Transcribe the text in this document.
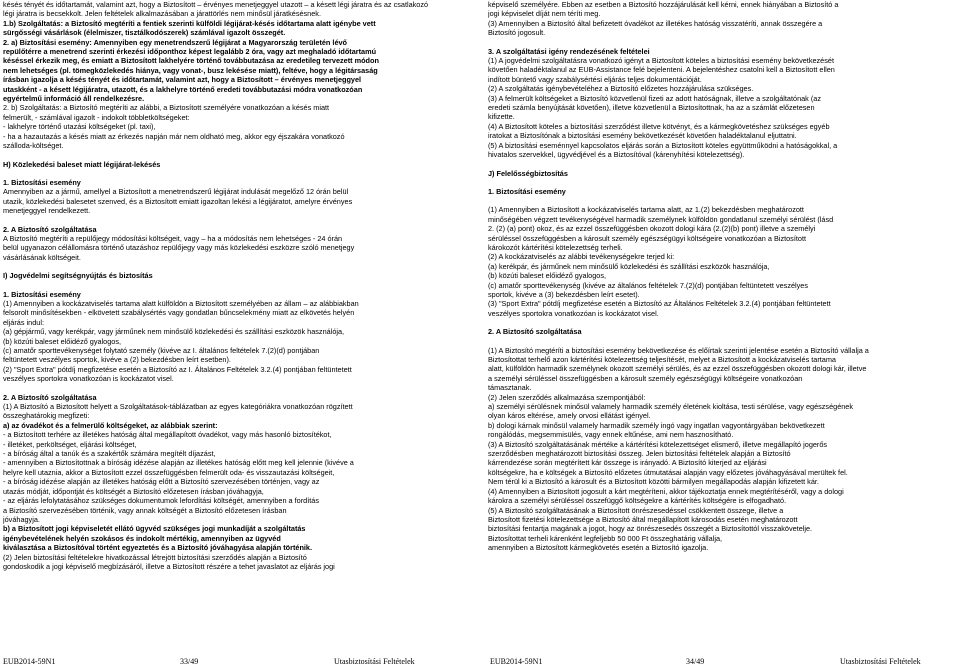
késés tényét és időtartamát, valamint azt, hogy a Biztosított – érvényes menetjeggyel utazott – a késett légi járatra és az csatlakozó

légi járatra is becsekkolt. Jelen feltételek alkalmazásában a járattörlés nem minősül járatkésésnek.

1.b) Szolgáltatás: a Biztosító megtéríti a fentiek szerinti külföldi légijárat-késés időtartama alatt igénybe vett

sürgősségi vásárlások (élelmiszer, tisztálkodószerek) számlával igazolt összegét.

2. a) Biztosítási esemény: Amennyiben egy menetrendszerű légijárat a Magyarország területén lévő

repülőtérre a menetrend szerinti érkezési időponthoz képest legalább 2 óra, vagy azt meghaladó időtartamú

késéssel érkezik meg, és emiatt a Biztosított lakhelyére történő továbbutazása az eredetileg tervezett módon

nem lehetséges (pl. tömegközlekedés hiánya, vagy vonat-, busz lekésése miatt), feltéve, hogy a légitársaság

írásban igazolja a késés tényét és időtartamát, valamint azt, hogy a Biztosított – érvényes menetjeggyel

utaskként - a késett légijáratra, utazott, és a lakhelyre történő eredeti továbbutazási módra vonatkozóan

egyértelmű információ áll rendelkezésre.

2. b) Szolgáltatás: a Biztosító megtéríti az alábbi, a Biztosított személyére vonatkozóan a késés miatt

felmerült, - számlával igazolt - indokolt többletköltségeket:

- lakhelyre történő utazási költségeket (pl. taxi),

- ha a hazautazás a késés miatt az érkezés napján már nem oldható meg, akkor egy éjszakára vonatkozó

szálloda-költséget.

H) Közlekedési baleset miatt légijárat-lekésés

1. Biztosítási esemény

Amennyiben az a jármű, amellyel a Biztosított a menetrendszerű légijárat indulását megelőző 12 órán belül

utazik, közlekedési balesetet szenved, és a Biztosított emiatt igazoltan lekési a légijáratot, amelyre érvényes

menetjeggyel rendelkezett.

2. A Biztosító szolgáltatása

A Biztosító megtéríti a repülőjegy módosítási költségeit, vagy – ha a módosítás nem lehetséges - 24 órán

belül ugyanazon célállomásra történő utazáshoz repülőjegy vagy más közlekedési eszközre szóló menetjegy

vásárlásának költségeit.

I) Jogvédelmi segítségnyújtás és biztosítás

1. Biztosítási esemény

(1) Amennyiben a kockázatviselés tartama alatt külföldön a Biztosított személyében az állam – az alábbiakban

felsorolt minősítésekben - elkövetett szabálysértés vagy gondatlan bűncselekmény miatt az elkövetés helyén

eljárás indul:

(a) gépjármű, vagy kerékpár, vagy járműnek nem minősülő közlekedési és szállítási eszközök használója,

(b) közúti baleset előidéző gyalogos,

(c) amatőr sporttevékenységet folytató személy (kivéve az I. általános feltételek 7.(2)(d) pontjában

feltüntetett veszélyes sportok, kivéve a (2) bekezdésben leírt esetben).

(2) "Sport Extra" pótdíj megfizetése esetén a Biztosító az I. Általános Feltételek 3.2.(4) pontjában feltüntetett

veszélyes sportokra vonatkozóan is kockázatot visel.

2. A Biztosító szolgáltatása

(1) A Biztosító a Biztosított helyett a Szolgáltatások-táblázatban az egyes kategóriákra vonatkozóan rögzített

összeghatárokig megfizeti:

a) az óvadékot és a felmerülő költségeket, az alábbiak szerint:

- a Biztosított terhére az illetékes hatóság által megállapított óvadékot, vagy más hasonló biztosítékot,

- illetéket, perköltséget, eljárási költséget,

- a bíróság által a tanúk és a szakértők számára megítélt díjazást,

- amennyiben a Biztosítottnak a bíróság idézése alapján az illetékes hatóság előtt meg kell jelennie (kivéve a

helyre kell utaznia, akkor a Biztosított ezzel összefüggésben felmerült oda- és visszautazási költségeit,

- a bíróság idézése alapján az illetékes hatóság előtt a Biztosító szervezésében történjen, vagy az

utazás módját, időpontját és költségét a Biztosító előzetesen írásban jóváhagyja,

- az eljárás lefolytatásához szükséges dokumentumok lefordítási költségét, amennyiben a fordítás

a Biztosító szervezésében történik, vagy annak költségét a Biztosító előzetesen írásban

jóváhagyja.

b) a Biztosított jogi képviseletét ellátó ügyvéd szükséges jogi munkadíját a szolgáltatás

igénybevételének helyén szokásos és indokolt mértékig, amennyiben az ügyvéd

kiválasztása a Biztosítóval történt egyeztetés és a Biztosító jóváhagyása alapján történik.

(2) Jelen biztosítási feltételekre hivatkozással létrejött biztosítási szerződés alapján a Biztosító

gondoskodik a jogi képviselő megbízásáról, illetve a Biztosított részére a tehet javaslatot az eljárás jogi

képviselő személyére. Ebben az esetben a Biztosító hozzájárulását kell kérni, ennek hiányában a Biztosító a

jogi képviselet díját nem téríti meg.

(3) Amennyiben a Biztosító által befizetett óvadékot az illetékes hatóság visszatéríti, annak összegére a

Biztosító jogosult.

3. A szolgáltatási igény rendezésének feltételei

(1) A jogvédelmi szolgáltatásra vonatkozó igényt a Biztosított köteles a biztosítási esemény bekövetkezését

követően haladéktalanul az EUB-Assistance felé bejelenteni. A bejelentéshez csatolni kell a Biztosított ellen

indított büntető vagy szabálysértési eljárás teljes dokumentációját.

(2) A szolgáltatás igénybevételéhez a Biztosító előzetes hozzájárulása szükséges.

(3) A felmerült költségeket a Biztosító közvetlenül fizeti az adott hatóságnak, illetve a szolgáltatónak (az

eredeti számla benyújtását követően), illetve közvetlenül a Biztosítottnak, ha az a számlát előzetesen

kifizette.

(4) A Biztosított köteles a biztosítási szerződést illetve kötvényt, és a kármegkövetéshez szükséges egyéb

iratokat a Biztosítónak a biztosítási esemény bekövetkezését követően haladéktalanul eljuttatni.

(5) A biztosítási eseménnyel kapcsolatos eljárás során a Biztosított köteles együttműködni a hatóságokkal, a

hivatalos szervekkel, ügyvédjével és a Biztosítóval (kárenyhítési kötelezettség).

J) Felelősségbiztosítás

1. Biztosítási esemény

(1) Amennyiben a Biztosított a kockázatviselés tartama alatt, az 1.(2) bekezdésben meghatározott

minőségében végzett tevékenységével harmadik személynek külföldön gondatlanul személyi sérülést (lásd

2. (2) (a) pont) okoz, és az ezzel összefüggésben okozott dologi kára (2.(2)(b) pont) illetve a személyi

sérüléssel összefüggésben a károsult személy egészségügyi költségeire vonatkozóan a Biztosított

károkozót kártérítési kötelezettség terheli.

(2) A kockázatviselés az alábbi tevékenységekre terjed ki:

(a) kerékpár, és járműnek nem minősülő közlekedési és szállítási eszközök használója,

(b) közúti baleset előidéző gyalogos,

(c) amatőr sporttevékenység (kivéve az általános feltételek 7.(2)(d) pontjában feltüntetett veszélyes

sportok, kivéve a (3) bekezdésben leírt esetet).

(3) "Sport Extra" pótdíj megfizetése esetén a Biztosító az Általános Feltételek 3.2.(4) pontjában feltüntetett

veszélyes sportokra vonatkozóan is kockázatot visel.

2. A Biztosító szolgáltatása

(1) A Biztosító megtéríti a biztosítási esemény bekövetkezése és előírtak szerinti jelentése esetén a Biztosító vállalja a

Biztosítottat terhelő azon kártérítési kötelezettség teljesítését, melyet a Biztosított a kockázatviselés tartama

alatt, külföldön harmadik személynek okozott személyi sérülés, és az ezzel összefüggésben okozott dologi kár, illetve

a személyi sérüléssel összefüggésben a károsult személy egészségügyi költségeire vonatkozóan

támasztanak.

(2) Jelen szerződés alkalmazása szempontjából:

a) személyi sérülésnek minősül valamely harmadik személy életének kioltása, testi sérülése, vagy egészségének

olyan káros eltérése, amely orvosi ellátást igényel.

b) dologi kárnak minősül valamely harmadik személy ingó vagy ingatlan vagyontárgyában bekövetkezett

rongálódás, megsemmisülés, vagy ennek eltűnése, ami nem hasznosítható.

(3) A Biztosító szolgáltatásának mértéke a kártérítési kötelezettséget elismerő, illetve megállapító jogerős

szerződésben meghatározott biztosítási összeg. Jelen biztosítási feltételek alapján a Biztosító

kárrendezése során megtérített kár összege is irányadó. A Biztosító kiterjed az eljárási

költségekre, ha e költségek a Biztosító előzetes útmutatásai alapján vagy előzetes jóváhagyásával merültek fel.

Nem térül ki a Biztosító a károsult és a Biztosított közötti bármilyen megállapodás alapján kifizetett kár.

(4) Amennyiben a Biztosított jogosult a kárt megtéríteni, akkor tájékoztatja ennek megtérítéséről, vagy a dologi

károkra a személyi sérüléssel összefüggő költségekre a kártérítés költségére is elfogadható.

(5) A Biztosító szolgáltatásának a Biztosított önrészesedéssel csökkentett összege, illetve a

Biztosított fizetési kötelezettsége a Biztosító által megállapított károsodás esetén meghatározott

biztosítási fentartja magának a jogot, hogy az önrészesedés összegét a Biztosítottól visszakövetelje.

Biztosítottat terheli kárenként legfeljebb 50 000 Ft összeghatárig vállalja,

amennyiben a Biztosított kármegkövetés esetén a Biztosító igazolja.

EUB2014-59N1	33/49	Utasbiztosítási Feltételek	EUB2014-59N1	34/49	Utasbiztosítási Feltételek
